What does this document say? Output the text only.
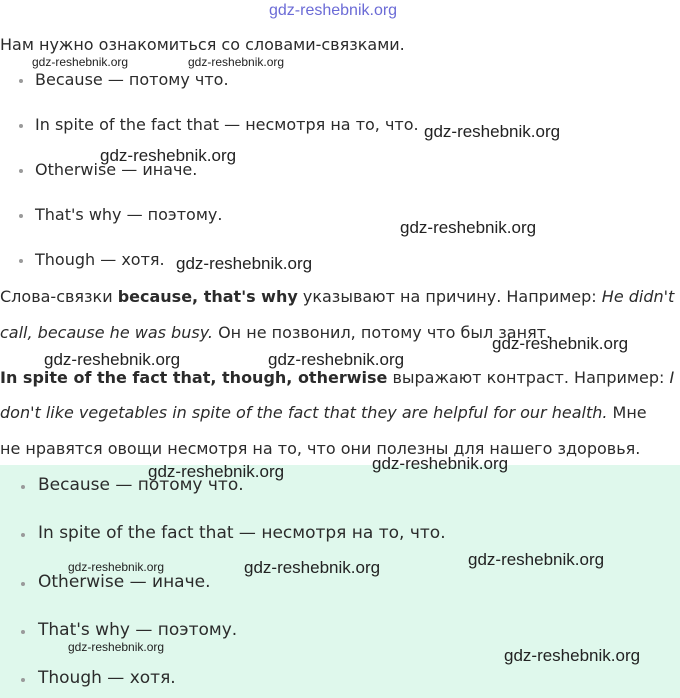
gdz-reshebnik.org

Нам нужно ознакомиться со словами-связками.

Because — потому что.
In spite of the fact that — несмотря на то, что.
Otherwise — иначе.
That's why — поэтому.
Though — хотя.

Слова-связки because, that's why указывают на причину. Например: He didn't

call, because he was busy. Он не позвонил, потому что был занят.

In spite of the fact that, though, otherwise выражают контраст. Например: I

don't like vegetables in spite of the fact that they are helpful for our health. Мне

не нравятся овощи несмотря на то, что они полезны для нашего здоровья.

Because — потому что.
In spite of the fact that — несмотря на то, что.
Otherwise — иначе.
That's why — поэтому.
Though — хотя.
gdz-reshebnik.org	gdz-reshebnik.org
gdz-reshebnik.org
gdz-reshebnik.org
gdz-reshebnik.org
gdz-reshebnik.org
gdz-reshebnik.org
gdz-reshebnik.org	gdz-reshebnik.org
gdz-reshebnik.org
gdz-reshebnik.org
gdz-reshebnik.org
gdz-reshebnik.org	gdz-reshebnik.org
gdz-reshebnik.org	gdz-reshebnik.org
